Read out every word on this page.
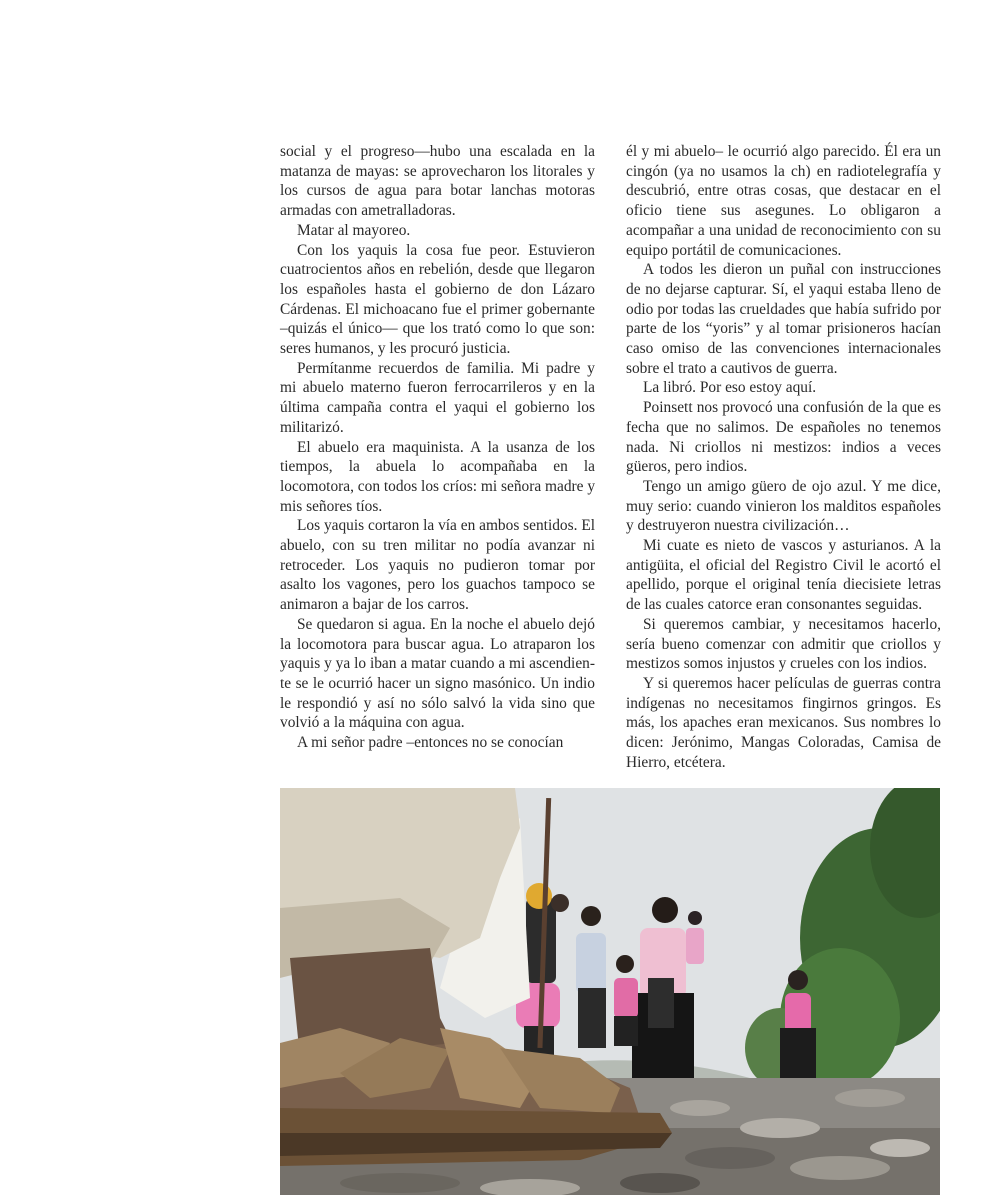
social y el progreso—hubo una escalada en la matanza de mayas: se aprovecharon los litorales y los cursos de agua para botar lanchas motoras armadas con ametralladoras.

Matar al mayoreo.

Con los yaquis la cosa fue peor. Estuvieron cuatrocientos años en rebelión, desde que llegaron los españoles hasta el gobierno de don Lázaro Cárdenas. El michoacano fue el primer gobernante –quizás el único— que los trató como lo que son: seres humanos, y les procuró justicia.

Permítanme recuerdos de familia. Mi padre y mi abuelo materno fueron ferrocarrileros y en la última campaña contra el yaqui el gobierno los militarizó.

El abuelo era maquinista. A la usanza de los tiempos, la abuela lo acompañaba en la locomotora, con todos los críos: mi señora madre y mis señores tíos.

Los yaquis cortaron la vía en ambos sentidos. El abuelo, con su tren militar no podía avanzar ni retroceder. Los yaquis no pudieron tomar por asalto los vagones, pero los guachos tampoco se animaron a bajar de los carros.

Se quedaron si agua. En la noche el abuelo dejó la locomotora para buscar agua. Lo atraparon los yaquis y ya lo iban a matar cuando a mi ascendiente se le ocurrió hacer un signo masónico. Un indio le respondió y así no sólo salvó la vida sino que volvió a la máquina con agua.

A mi señor padre –entonces no se conocían

él y mi abuelo– le ocurrió algo parecido. Él era un cingón (ya no usamos la ch) en radiotelegrafía y descubrió, entre otras cosas, que destacar en el oficio tiene sus asegunes. Lo obligaron a acompañar a una unidad de reconocimiento con su equipo portátil de comunicaciones.

A todos les dieron un puñal con instrucciones de no dejarse capturar. Sí, el yaqui estaba lleno de odio por todas las crueldades que había sufrido por parte de los “yoris” y al tomar prisioneros hacían caso omiso de las convenciones internacionales sobre el trato a cautivos de guerra.

La libró. Por eso estoy aquí.

Poinsett nos provocó una confusión de la que es fecha que no salimos. De españoles no tenemos nada. Ni criollos ni mestizos: indios a veces güeros, pero indios.

Tengo un amigo güero de ojo azul. Y me dice, muy serio: cuando vinieron los malditos españoles y destruyeron nuestra civilización…

Mi cuate es nieto de vascos y asturianos. A la antigüita, el oficial del Registro Civil le acortó el apellido, porque el original tenía diecisiete letras de las cuales catorce eran consonantes seguidas.

Si queremos cambiar, y necesitamos hacerlo, sería bueno comenzar con admitir que criollos y mestizos somos injustos y crueles con los indios.

Y si queremos hacer películas de guerras contra indígenas no necesitamos fingirnos gringos. Es más, los apaches eran mexicanos. Sus nombres lo dicen: Jerónimo, Mangas Coloradas, Camisa de Hierro, etcétera.
